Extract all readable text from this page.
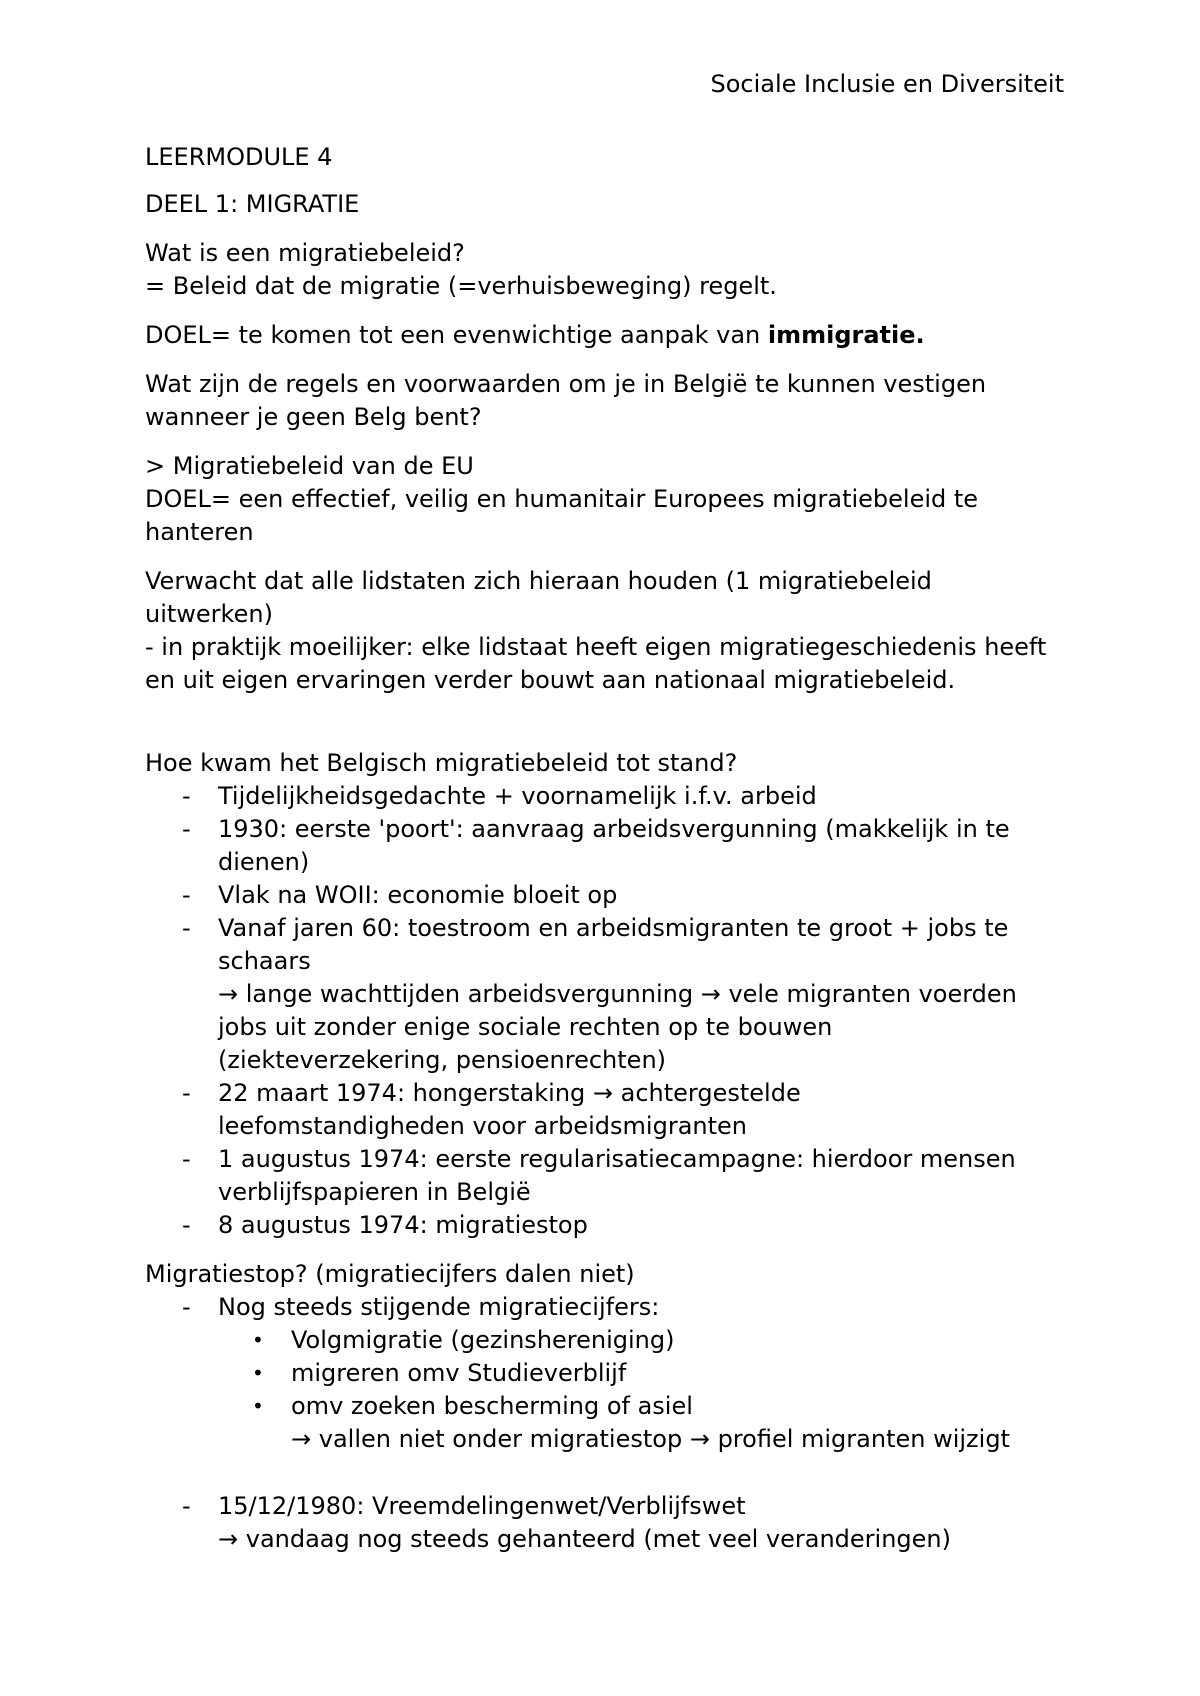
Sociale Inclusie en Diversiteit
LEERMODULE 4
DEEL 1: MIGRATIE
Wat is een migratiebeleid?
= Beleid dat de migratie (=verhuisbeweging) regelt.
DOEL= te komen tot een evenwichtige aanpak van immigratie.
Wat zijn de regels en voorwaarden om je in België te kunnen vestigen
wanneer je geen Belg bent?
> Migratiebeleid van de EU
DOEL= een effectief, veilig en humanitair Europees migratiebeleid te
hanteren
Verwacht dat alle lidstaten zich hieraan houden (1 migratiebeleid
uitwerken)
- in praktijk moeilijker: elke lidstaat heeft eigen migratiegeschiedenis heeft
en uit eigen ervaringen verder bouwt aan nationaal migratiebeleid.
Hoe kwam het Belgisch migratiebeleid tot stand?
- Tijdelijkheidsgedachte + voornamelijk i.f.v. arbeid
- 1930: eerste 'poort': aanvraag arbeidsvergunning (makkelijk in te
dienen)
- Vlak na WOII: economie bloeit op
- Vanaf jaren 60: toestroom en arbeidsmigranten te groot + jobs te
schaars
→ lange wachttijden arbeidsvergunning → vele migranten voerden
jobs uit zonder enige sociale rechten op te bouwen
(ziekteverzekering, pensioenrechten)
- 22 maart 1974: hongerstaking → achtergestelde
leefomstandigheden voor arbeidsmigranten
- 1 augustus 1974: eerste regularisatiecampagne: hierdoor mensen
verblijfspapieren in België
- 8 augustus 1974: migratiestop
Migratiestop? (migratiecijfers dalen niet)
- Nog steeds stijgende migratiecijfers:
• Volgmigratie (gezinshereniging)
• migreren omv Studieverblijf
• omv zoeken bescherming of asiel
→ vallen niet onder migratiestop → profiel migranten wijzigt
- 15/12/1980: Vreemdelingenwet/Verblijfswet
→ vandaag nog steeds gehanteerd (met veel veranderingen)
